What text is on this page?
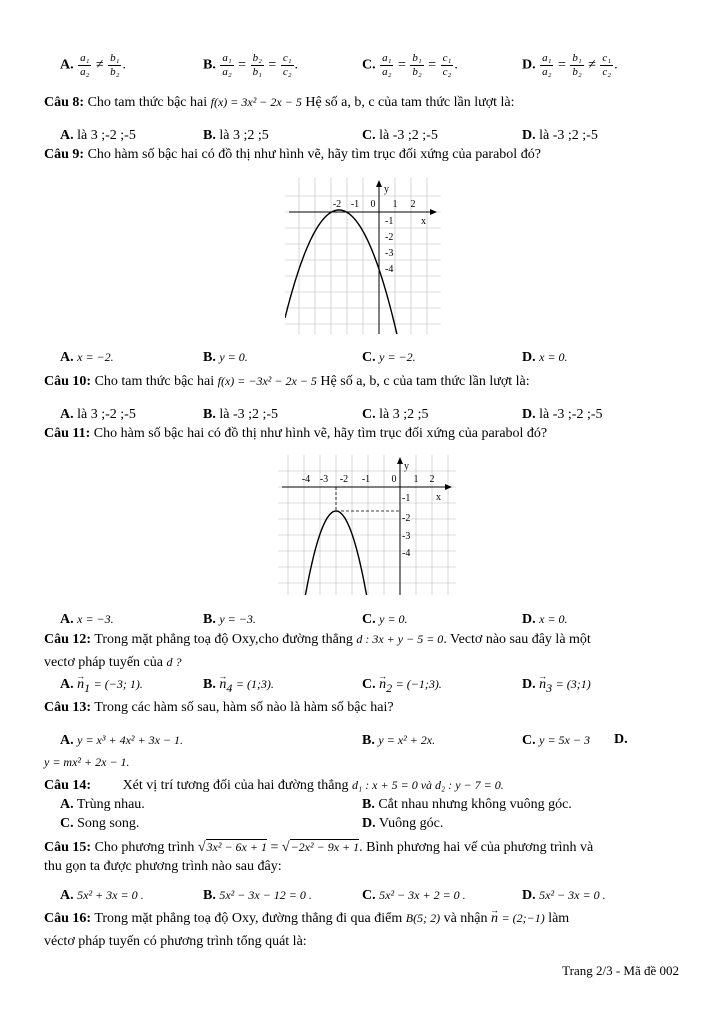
A. $\frac{\text{a₁}}{\text{a₂}} \ne \frac{\text{b₁}}{\text{b₂}}$ .	B. $\frac{\text{a₁}}{\text{a₂}} = \frac{\text{b₂}}{\text{b₁}} = \frac{\text{c₁}}{\text{c₂}}$ .	C. $\frac{\text{a₁}}{\text{a₂}} = \frac{\text{b₁}}{\text{b₂}} = \frac{\text{c₁}}{\text{c₂}}$ .	D. $\frac{\text{a₁}}{\text{a₂}} = \frac{\text{b₁}}{\text{b₂}} \ne \frac{\text{c₁}}{\text{c₂}}$ .
Câu 8: Cho tam thức bậc hai f(x) = 3x² − 2x − 5 Hệ số a, b, c của tam thức lần lượt là:
A. là 3 ;-2 ;-5	B. là 3 ;2 ;5	C. là -3 ;2 ;-5	D. là -3 ;2 ;-5
Câu 9: Cho hàm số bậc hai có đồ thị như hình vẽ, hãy tìm trục đối xứng của parabol đó?
-2 -1 0 1 2
x
y
-1
-2
-3
-4
A. x = −2.	B. y = 0.	C. y = −2.	D. x = 0.
Câu 10: Cho tam thức bậc hai f(x) = −3x² − 2x − 5 Hệ số a, b, c của tam thức lần lượt là:
A. là 3 ;-2 ;-5	B. là -3 ;2 ;-5	C. là 3 ;2 ;5	D. là -3 ;-2 ;-5
Câu 11: Cho hàm số bậc hai có đồ thị như hình vẽ, hãy tìm trục đối xứng của parabol đó?
-4 -3 -2 -1 0 1 2
x
y
-1
-2
-3
-4
A. x = −3.	B. y = −3.	C. y = 0.	D. x = 0.
Câu 12: Trong mặt phẳng toạ độ Oxy,cho đường thẳng d : 3x + y − 5 = 0. Vectơ nào sau đây là một
vectơ pháp tuyến của d ?
A. → $n_1 = (-3$; 1).	B. → $n_4$ = (1;3).	C. → $n_2$ = (−1;3).	D. → $n_3$ = (3;1)
Câu 13: Trong các hàm số sau, hàm số nào là hàm số bậc hai?
A. y = x³ + 4x² + 3x − 1.	B. y = x² + 2x.	C. y = 5x − 3 D.
y = mx² + 2x − 1.
Câu 14: Xét vị trí tương đối của hai đường thẳng d₁ : x + 5 = 0 và d₂ : y − 7 = 0.
A. Trùng nhau.	B. Cắt nhau nhưng không vuông góc.
C. Song song.	D. Vuông góc.
Câu 15: Cho phương trình √3x² − 6x + 1 = √−2x² − 9x + 1. Bình phương hai vế của phương trình và
thu gọn ta được phương trình nào sau đây:
A. 5x² + 3x = 0 .	B. 5x² − 3x − 12 = 0 .	C. 5x² − 3x + 2 = 0 .	D. 5x² − 3x = 0 .
Câu 16: Trong mặt phẳng toạ độ Oxy, đường thẳng đi qua điểm B(5; 2) và nhận → n = (2;−1) làm
véctơ pháp tuyến có phương trình tổng quát là:
Trang 2/3 - Mã đề 002
